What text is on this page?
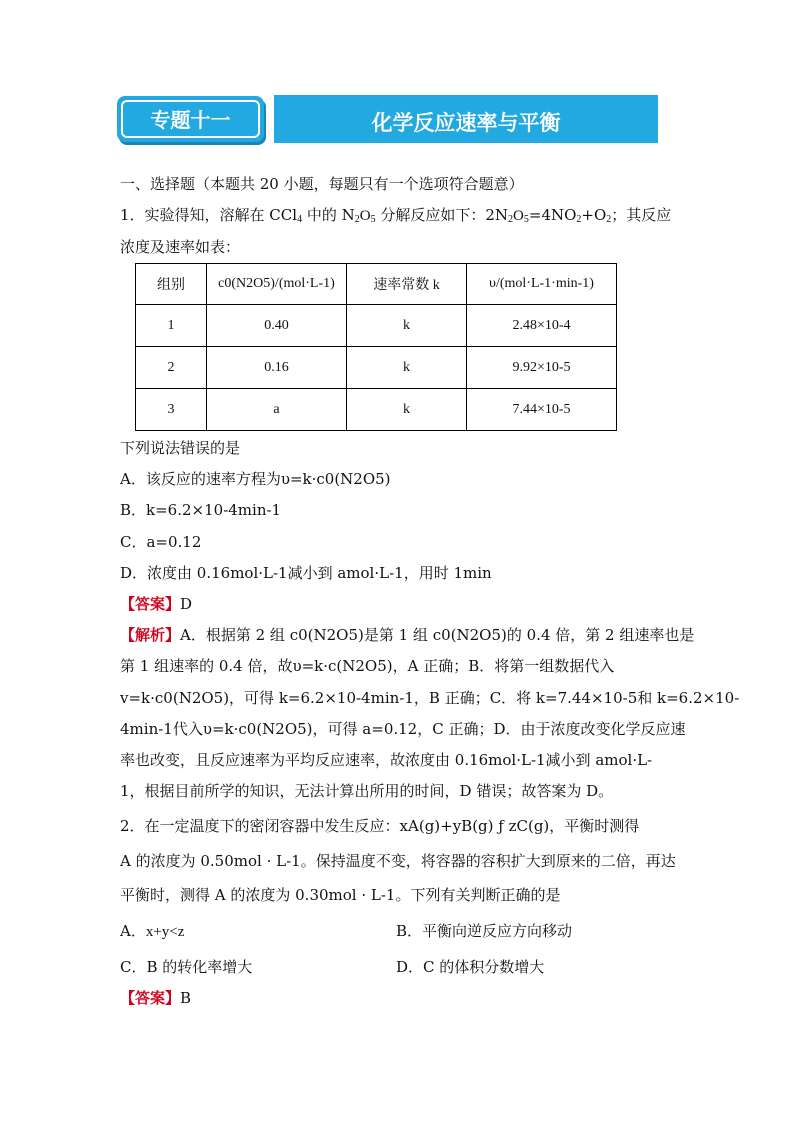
专题十一	化学反应速率与平衡
一、选择题（本题共 20 小题，每题只有一个选项符合题意）
1．实验得知，溶解在 CCl$_4$ 中的 $N_2O_5$ 分解反应如下：$2N_2O_5=4NO_2+O_2$；其反应
浓度及速率如表：
组别	c0(N2O5)/(mol·L-1)	速率常数 k	υ/(mol·L-1·min-1)
1	0.40	k	2.48×10-4
2	0.16	k	9.92×10-5
3	a	k	7.44×10-5
下列说法错误的是
A．该反应的速率方程为υ=k·c0(N2O5)
B．k=6.2×10-4min-1
C．a=0.12
D．浓度由 0.16mol·L-1减小到 amol·L-1，用时 1min
【答案】D
【解析】A．根据第 2 组 c0(N2O5)是第 1 组 c0(N2O5)的 0.4 倍，第 2 组速率也是
第 1 组速率的 0.4 倍，故υ=k·c(N2O5)，A 正确；B．将第一组数据代入
v=k·c0(N2O5)，可得 k=6.2×10-4min-1，B 正确；C．将 k=7.44×10-5和 k=6.2×10-
4min-1代入υ=k·c0(N2O5)，可得 a=0.12，C 正确；D．由于浓度改变化学反应速
率也改变，且反应速率为平均反应速率，故浓度由 0.16mol·L-1减小到 amol·L-
1，根据目前所学的知识，无法计算出所用的时间，D 错误；故答案为 D。
2．在一定温度下的密闭容器中发生反应：xA(g)+yB(g) ƒ zC(g)，平衡时测得
A 的浓度为 0.50mol · L-1。保持温度不变，将容器的容积扩大到原来的二倍，再达
平衡时，测得 A 的浓度为 0.30mol · L-1。下列有关判断正确的是
A．x+y<z	B．平衡向逆反应方向移动
C．B 的转化率增大	D．C 的体积分数增大
【答案】B
